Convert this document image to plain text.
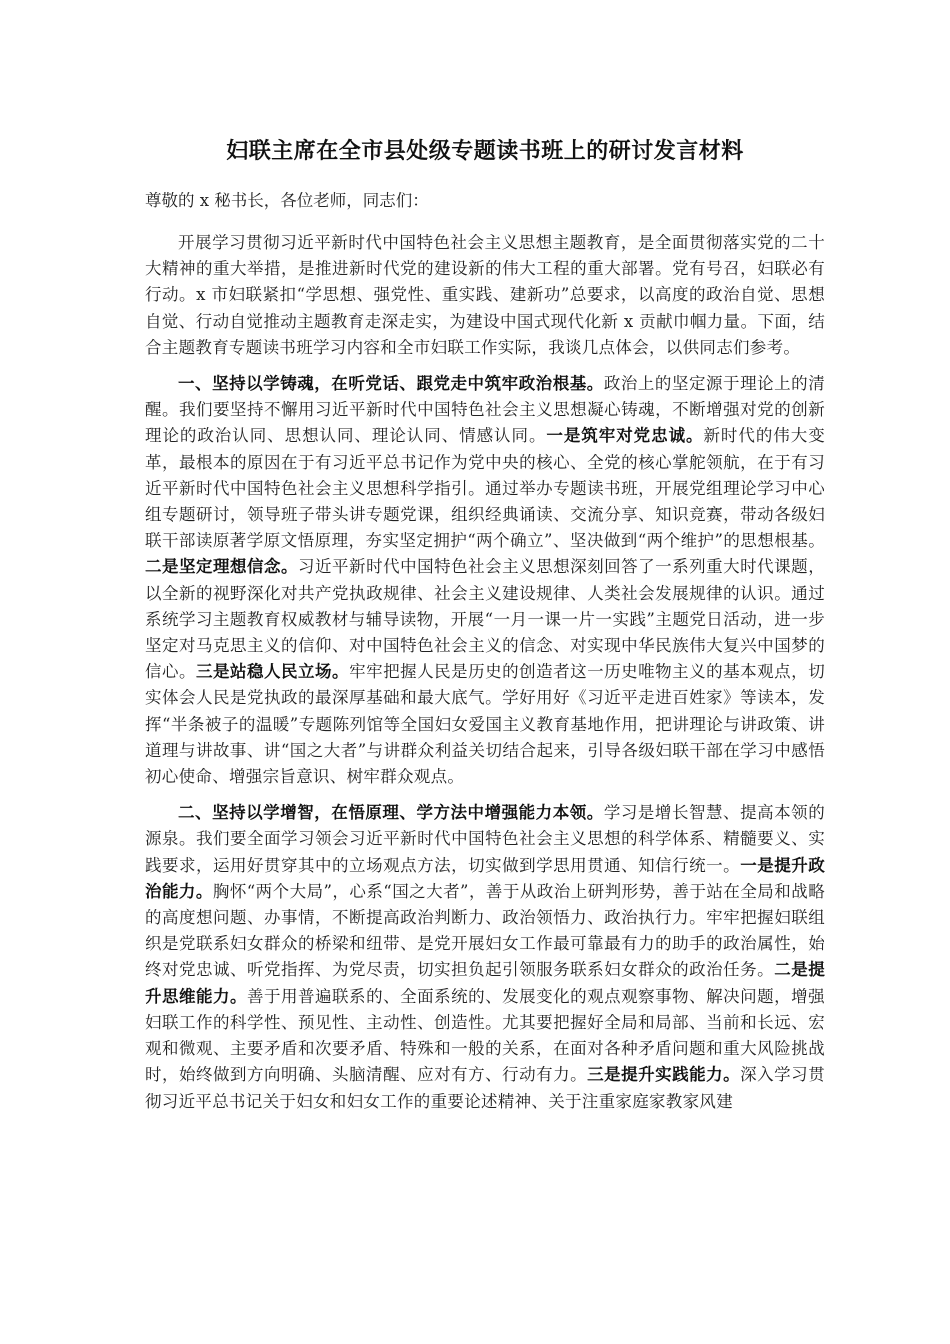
妇联主席在全市县处级专题读书班上的研讨发言材料

尊敬的 x 秘书长，各位老师，同志们：

开展学习贯彻习近平新时代中国特色社会主义思想主题教育，是全面贯彻落实党的二十大精神的重大举措，是推进新时代党的建设新的伟大工程的重大部署。党有号召，妇联必有行动。x 市妇联紧扣“学思想、强党性、重实践、建新功”总要求，以高度的政治自觉、思想自觉、行动自觉推动主题教育走深走实，为建设中国式现代化新 x 贡献巾帼力量。下面，结合主题教育专题读书班学习内容和全市妇联工作实际，我谈几点体会，以供同志们参考。

一、坚持以学铸魂，在听党话、跟党走中筑牢政治根基。政治上的坚定源于理论上的清醒。我们要坚持不懈用习近平新时代中国特色社会主义思想凝心铸魂，不断增强对党的创新理论的政治认同、思想认同、理论认同、情感认同。一是筑牢对党忠诚。新时代的伟大变革，最根本的原因在于有习近平总书记作为党中央的核心、全党的核心掌舵领航，在于有习近平新时代中国特色社会主义思想科学指引。通过举办专题读书班，开展党组理论学习中心组专题研讨，领导班子带头讲专题党课，组织经典诵读、交流分享、知识竞赛，带动各级妇联干部读原著学原文悟原理，夯实坚定拥护“两个确立”、坚决做到“两个维护”的思想根基。二是坚定理想信念。习近平新时代中国特色社会主义思想深刻回答了一系列重大时代课题，以全新的视野深化对共产党执政规律、社会主义建设规律、人类社会发展规律的认识。通过系统学习主题教育权威教材与辅导读物，开展“一月一课一片一实践”主题党日活动，进一步坚定对马克思主义的信仰、对中国特色社会主义的信念、对实现中华民族伟大复兴中国梦的信心。三是站稳人民立场。牢牢把握人民是历史的创造者这一历史唯物主义的基本观点，切实体会人民是党执政的最深厚基础和最大底气。学好用好《习近平走进百姓家》等读本，发挥“半条被子的温暖”专题陈列馆等全国妇女爱国主义教育基地作用，把讲理论与讲政策、讲道理与讲故事、讲“国之大者”与讲群众利益关切结合起来，引导各级妇联干部在学习中感悟初心使命、增强宗旨意识、树牢群众观点。

二、坚持以学增智，在悟原理、学方法中增强能力本领。学习是增长智慧、提高本领的源泉。我们要全面学习领会习近平新时代中国特色社会主义思想的科学体系、精髓要义、实践要求，运用好贯穿其中的立场观点方法，切实做到学思用贯通、知信行统一。一是提升政治能力。胸怀“两个大局”，心系“国之大者”，善于从政治上研判形势，善于站在全局和战略的高度想问题、办事情，不断提高政治判断力、政治领悟力、政治执行力。牢牢把握妇联组织是党联系妇女群众的桥梁和纽带、是党开展妇女工作最可靠最有力的助手的政治属性，始终对党忠诚、听党指挥、为党尽责，切实担负起引领服务联系妇女群众的政治任务。二是提升思维能力。善于用普遍联系的、全面系统的、发展变化的观点观察事物、解决问题，增强妇联工作的科学性、预见性、主动性、创造性。尤其要把握好全局和局部、当前和长远、宏观和微观、主要矛盾和次要矛盾、特殊和一般的关系，在面对各种矛盾问题和重大风险挑战时，始终做到方向明确、头脑清醒、应对有方、行动有力。三是提升实践能力。深入学习贯彻习近平总书记关于妇女和妇女工作的重要论述精神、关于注重家庭家教家风建
